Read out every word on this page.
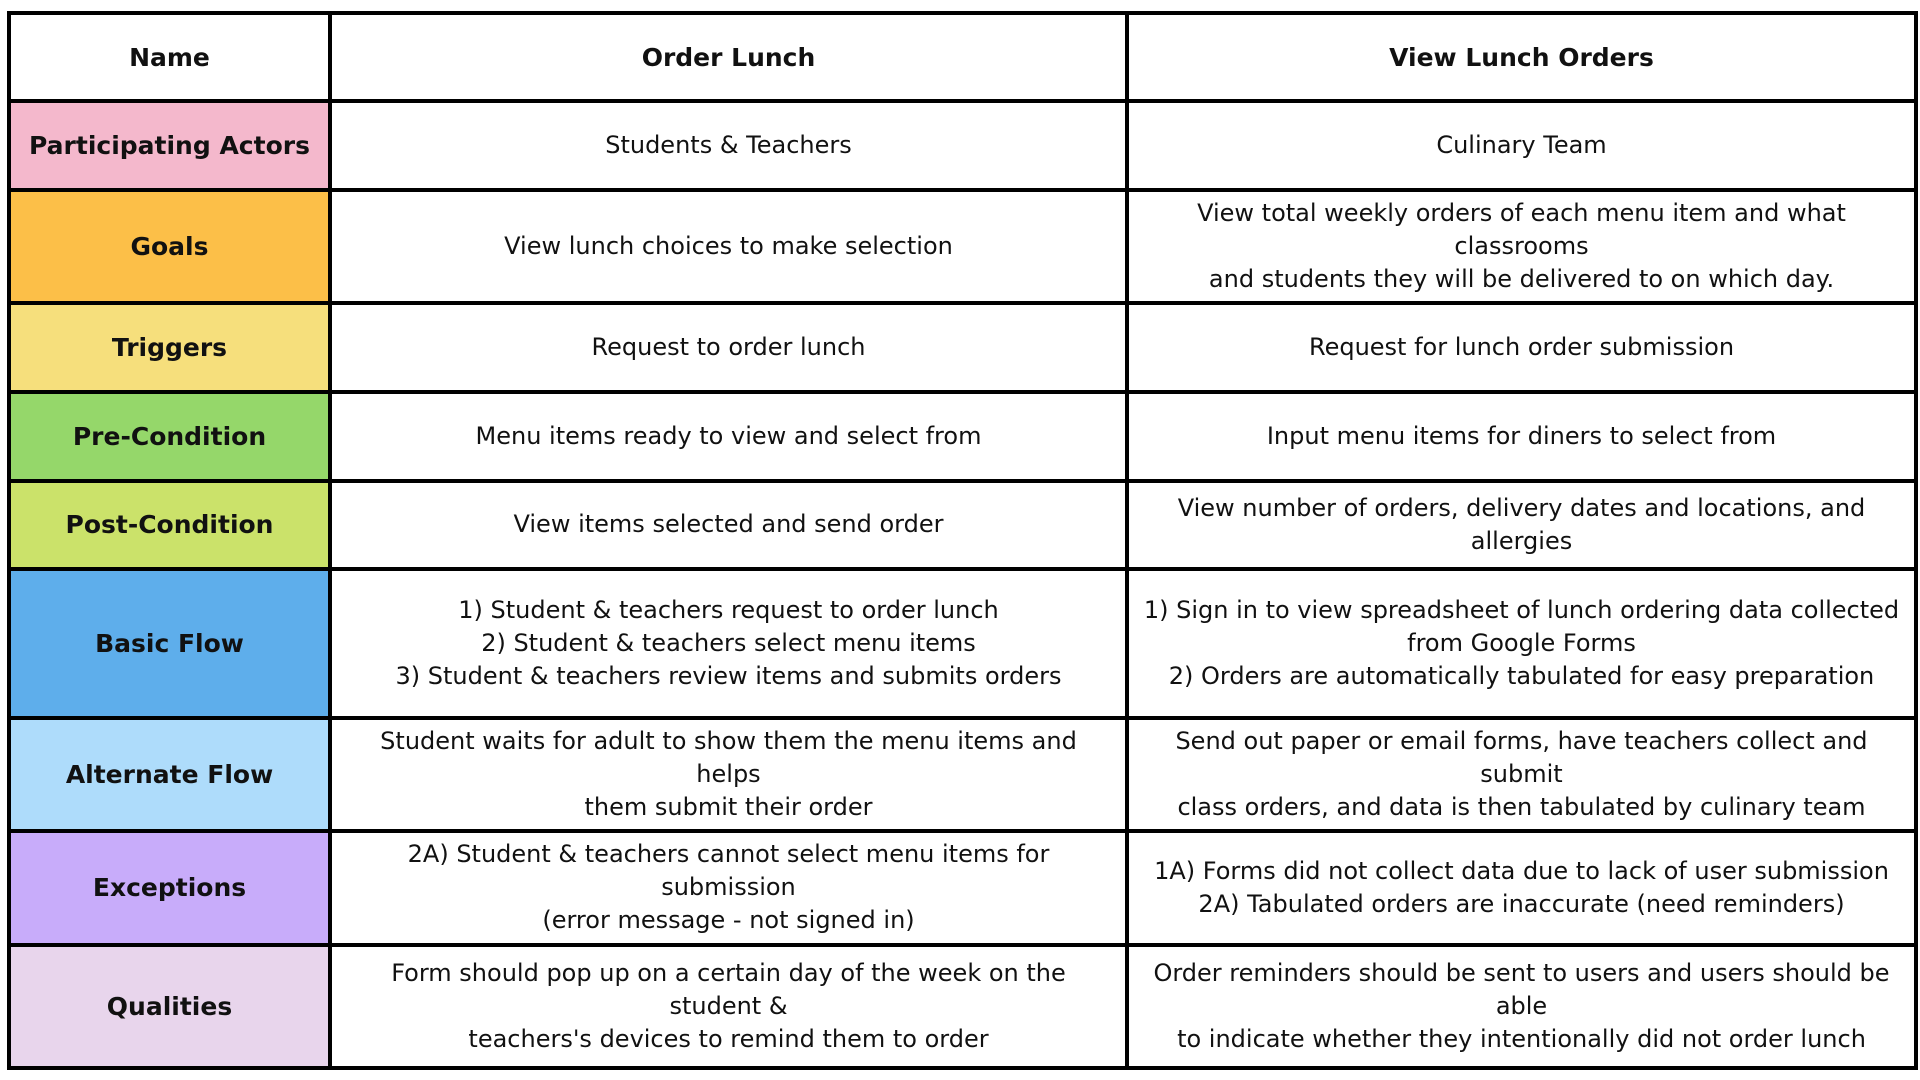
Name	Order Lunch	View Lunch Orders
Participating Actors	Students & Teachers	Culinary Team
Goals	View lunch choices to make selection	View total weekly orders of each menu item and what classrooms
and students they will be delivered to on which day.
Triggers	Request to order lunch	Request for lunch order submission
Pre-Condition	Menu items ready to view and select from	Input menu items for diners to select from
Post-Condition	View items selected and send order	View number of orders, delivery dates and locations, and allergies
Basic Flow	1) Student & teachers request to order lunch
2) Student & teachers select menu items
3) Student & teachers review items and submits orders	1) Sign in to view spreadsheet of lunch ordering data collected
from Google Forms
2) Orders are automatically tabulated for easy preparation
Alternate Flow	Student waits for adult to show them the menu items and helps
them submit their order	Send out paper or email forms, have teachers collect and submit
class orders, and data is then tabulated by culinary team
Exceptions	2A) Student & teachers cannot select menu items for submission
(error message - not signed in)	1A) Forms did not collect data due to lack of user submission
2A) Tabulated orders are inaccurate (need reminders)
Qualities	Form should pop up on a certain day of the week on the student &
teachers's devices to remind them to order	Order reminders should be sent to users and users should be able
to indicate whether they intentionally did not order lunch
